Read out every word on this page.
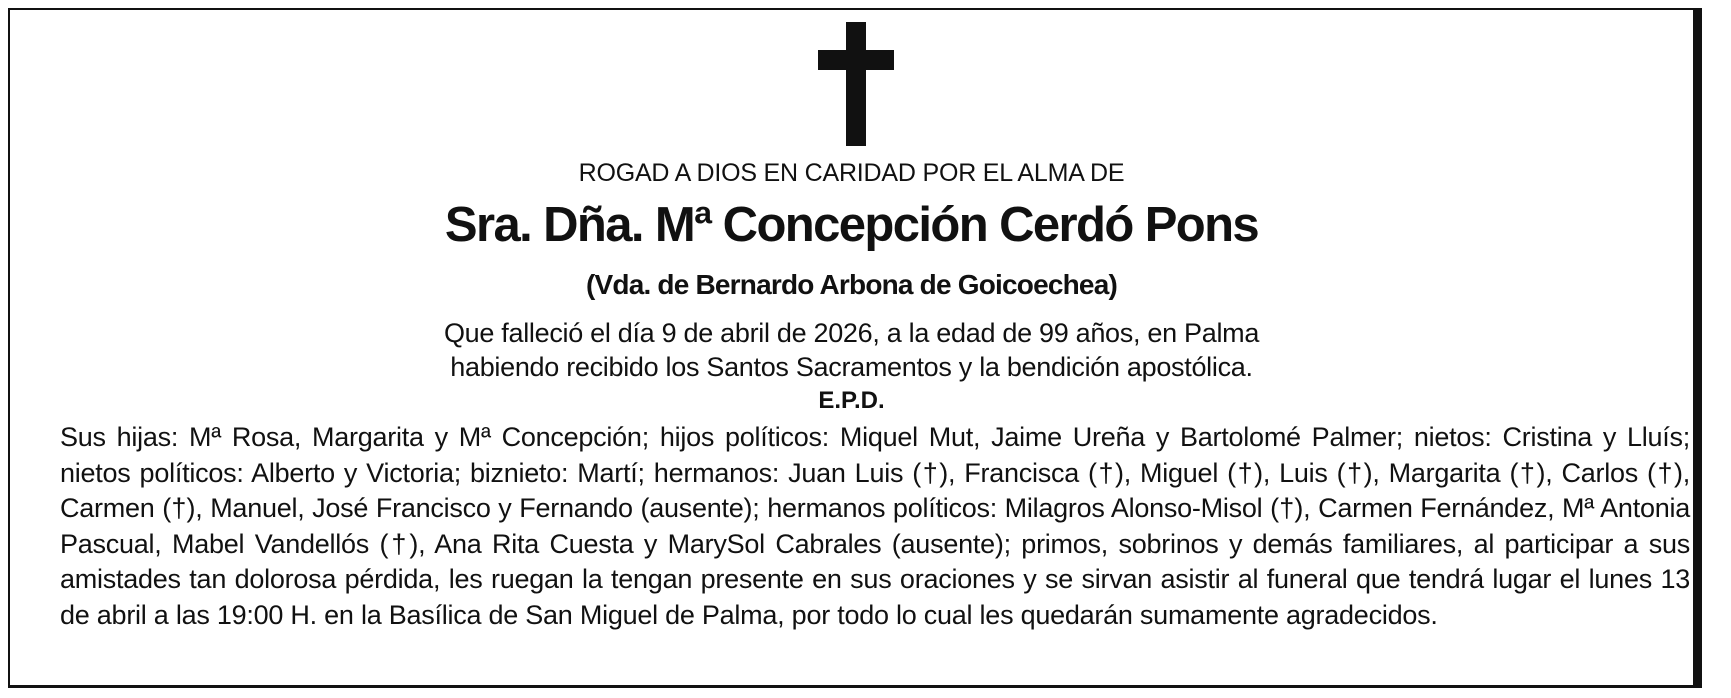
ROGAD A DIOS EN CARIDAD POR EL ALMA DE
Sra. Dña. Mª Concepción Cerdó Pons
(Vda. de Bernardo Arbona de Goicoechea)
Que falleció el día 9 de abril de 2026, a la edad de 99 años, en Palma
habiendo recibido los Santos Sacramentos y la bendición apostólica.
E.P.D.
Sus hijas: Mª Rosa, Margarita y Mª Concepción; hijos políticos: Miquel Mut, Jaime Ureña y Bartolomé Palmer; nietos: Cristina y Lluís; nietos políticos: Alberto y Victoria; biznieto: Martí; hermanos: Juan Luis (†), Francisca (†), Miguel (†), Luis (†), Margarita (†), Carlos (†), Carmen (†), Manuel, José Francisco y Fernando (ausente); hermanos políticos: Milagros Alonso-Misol (†), Carmen Fernández, Mª Antonia Pascual, Mabel Vandellós (†), Ana Rita Cuesta y MarySol Cabrales (ausente); primos, sobrinos y demás familiares, al participar a sus amistades tan dolorosa pérdida, les ruegan la tengan presente en sus oraciones y se sirvan asistir al funeral que tendrá lugar el lunes 13 de abril a las 19:00 H. en la Basílica de San Miguel de Palma, por todo lo cual les quedarán sumamente agradecidos.
